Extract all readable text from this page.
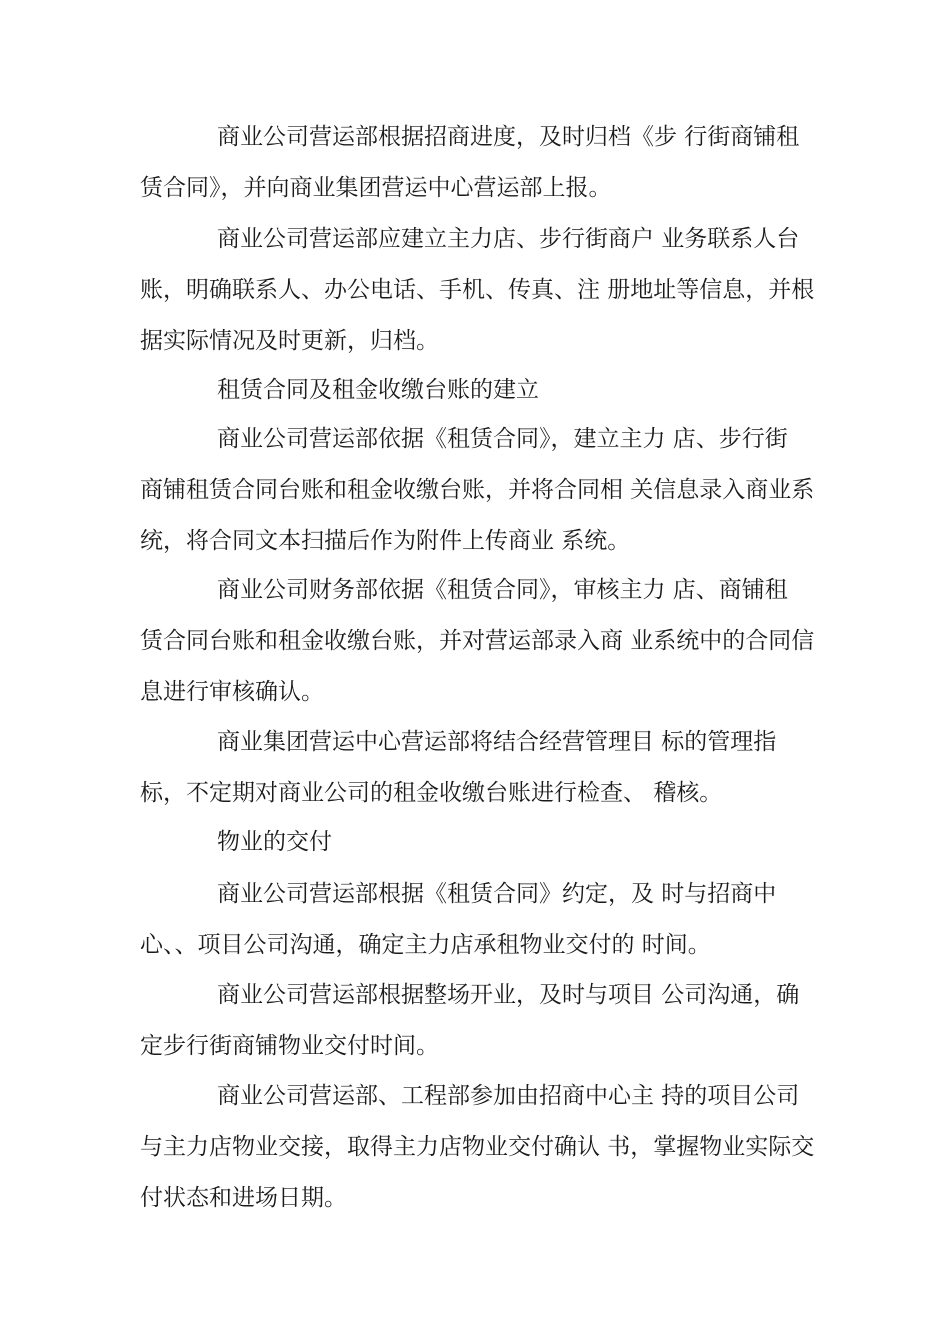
商业公司营运部根据招商进度，及时归档《步 行街商铺租
赁合同》，并向商业集团营运中心营运部上报。
商业公司营运部应建立主力店、步行街商户 业务联系人台
账，明确联系人、办公电话、手机、传真、注 册地址等信息，并根
据实际情况及时更新，归档。
租赁合同及租金收缴台账的建立
商业公司营运部依据《租赁合同》，建立主力 店、步行街
商铺租赁合同台账和租金收缴台账，并将合同相 关信息录入商业系
统，将合同文本扫描后作为附件上传商业 系统。
商业公司财务部依据《租赁合同》，审核主力 店、商铺租
赁合同台账和租金收缴台账，并对营运部录入商 业系统中的合同信
息进行审核确认。
商业集团营运中心营运部将结合经营管理目 标的管理指
标，不定期对商业公司的租金收缴台账进行检查、 稽核。
物业的交付
商业公司营运部根据《租赁合同》约定，及 时与招商中
心、、项目公司沟通，确定主力店承租物业交付的 时间。
商业公司营运部根据整场开业，及时与项目 公司沟通，确
定步行街商铺物业交付时间。
商业公司营运部、工程部参加由招商中心主 持的项目公司
与主力店物业交接，取得主力店物业交付确认 书，掌握物业实际交
付状态和进场日期。
